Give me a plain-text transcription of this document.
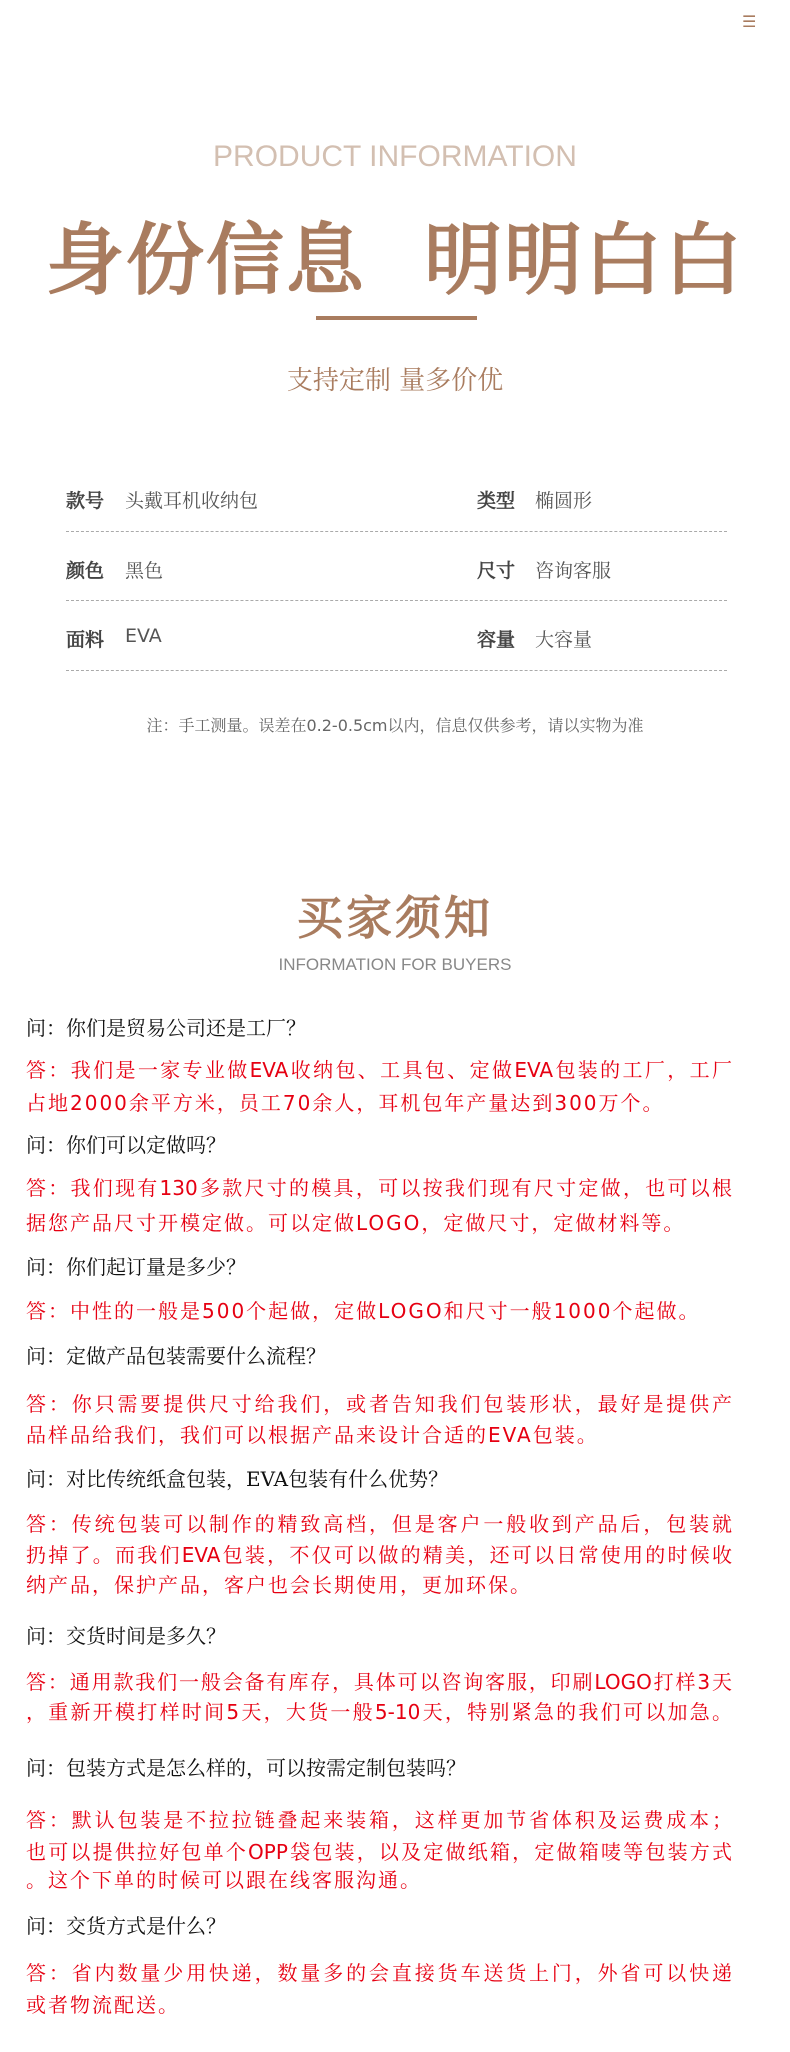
☰
PRODUCT INFORMATION
身份信息  明明白白
支持定制 量多价优
款号 头戴耳机收纳包	类型 椭圆形
颜色 黑色	尺寸 咨询客服
面料 EVA	容量 大容量
注：手工测量。误差在0.2-0.5cm以内，信息仅供参考，请以实物为准
买家须知
INFORMATION FOR BUYERS
问：你们是贸易公司还是工厂？
答：我们是一家专业做EVA收纳包、工具包、定做EVA包装的工厂，工厂
占地2000余平方米，员工70余人，耳机包年产量达到300万个。
问：你们可以定做吗？
答：我们现有130多款尺寸的模具，可以按我们现有尺寸定做，也可以根
据您产品尺寸开模定做。可以定做LOGO，定做尺寸，定做材料等。
问：你们起订量是多少？
答：中性的一般是500个起做，定做LOGO和尺寸一般1000个起做。
问：定做产品包装需要什么流程？
答：你只需要提供尺寸给我们，或者告知我们包装形状，最好是提供产
品样品给我们，我们可以根据产品来设计合适的EVA包装。
问：对比传统纸盒包装，EVA包装有什么优势？
答：传统包装可以制作的精致高档，但是客户一般收到产品后，包装就
扔掉了。而我们EVA包装，不仅可以做的精美，还可以日常使用的时候收
纳产品，保护产品，客户也会长期使用，更加环保。
问：交货时间是多久？
答：通用款我们一般会备有库存，具体可以咨询客服，印刷LOGO打样3天
，重新开模打样时间5天，大货一般5-10天，特别紧急的我们可以加急。
问：包装方式是怎么样的，可以按需定制包装吗？
答：默认包装是不拉拉链叠起来装箱，这样更加节省体积及运费成本；
也可以提供拉好包单个OPP袋包装，以及定做纸箱，定做箱唛等包装方式
。这个下单的时候可以跟在线客服沟通。
问：交货方式是什么？
答：省内数量少用快递，数量多的会直接货车送货上门，外省可以快递
或者物流配送。
